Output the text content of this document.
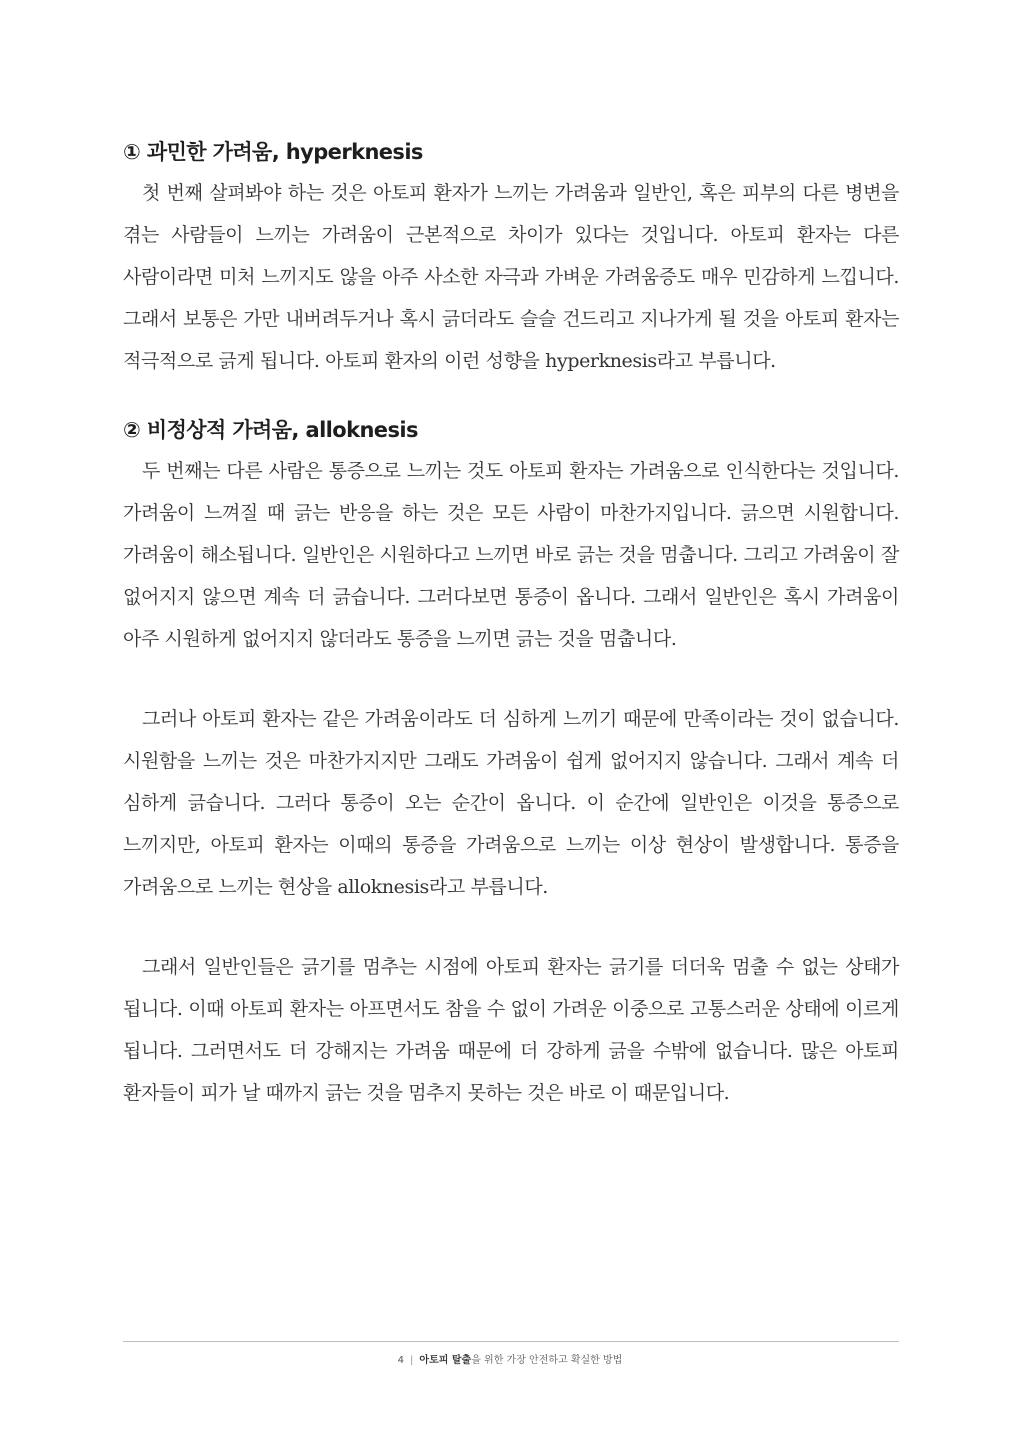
① 과민한 가려움, hyperknesis

첫 번째 살펴봐야 하는 것은 아토피 환자가 느끼는 가려움과 일반인, 혹은 피부의 다른 병변을 겪는 사람들이 느끼는 가려움이 근본적으로 차이가 있다는 것입니다. 아토피 환자는 다른 사람이라면 미처 느끼지도 않을 아주 사소한 자극과 가벼운 가려움증도 매우 민감하게 느낍니다. 그래서 보통은 가만 내버려두거나 혹시 긁더라도 슬슬 건드리고 지나가게 될 것을 아토피 환자는 적극적으로 긁게 됩니다. 아토피 환자의 이런 성향을 hyperknesis라고 부릅니다.

② 비정상적 가려움, alloknesis

두 번째는 다른 사람은 통증으로 느끼는 것도 아토피 환자는 가려움으로 인식한다는 것입니다. 가려움이 느껴질 때 긁는 반응을 하는 것은 모든 사람이 마찬가지입니다. 긁으면 시원합니다. 가려움이 해소됩니다. 일반인은 시원하다고 느끼면 바로 긁는 것을 멈춥니다. 그리고 가려움이 잘 없어지지 않으면 계속 더 긁습니다. 그러다보면 통증이 옵니다. 그래서 일반인은 혹시 가려움이 아주 시원하게 없어지지 않더라도 통증을 느끼면 긁는 것을 멈춥니다.

그러나 아토피 환자는 같은 가려움이라도 더 심하게 느끼기 때문에 만족이라는 것이 없습니다. 시원함을 느끼는 것은 마찬가지지만 그래도 가려움이 쉽게 없어지지 않습니다. 그래서 계속 더 심하게 긁습니다. 그러다 통증이 오는 순간이 옵니다. 이 순간에 일반인은 이것을 통증으로 느끼지만, 아토피 환자는 이때의 통증을 가려움으로 느끼는 이상 현상이 발생합니다. 통증을 가려움으로 느끼는 현상을 alloknesis라고 부릅니다.

그래서 일반인들은 긁기를 멈추는 시점에 아토피 환자는 긁기를 더더욱 멈출 수 없는 상태가 됩니다. 이때 아토피 환자는 아프면서도 참을 수 없이 가려운 이중으로 고통스러운 상태에 이르게 됩니다. 그러면서도 더 강해지는 가려움 때문에 더 강하게 긁을 수밖에 없습니다. 많은 아토피 환자들이 피가 날 때까지 긁는 것을 멈추지 못하는 것은 바로 이 때문입니다.

4 | 아토피 탈출을 위한 가장 안전하고 확실한 방법
